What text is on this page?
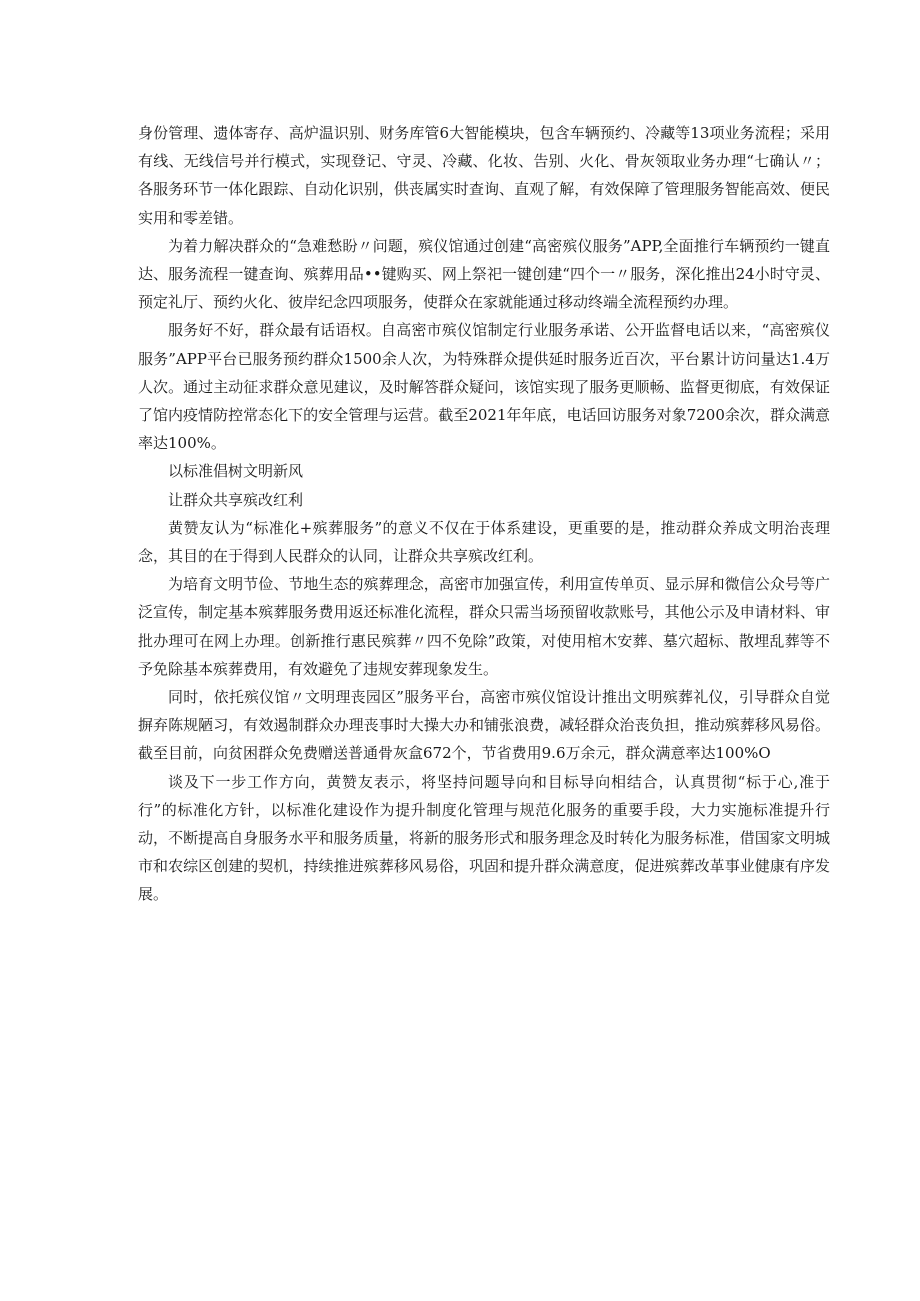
身份管理、遗体寄存、高炉温识别、财务库管6大智能模块，包含车辆预约、冷藏等13项业务流程；采用有线、无线信号并行模式，实现登记、守灵、冷藏、化妆、告别、火化、骨灰领取业务办理“七确认〃；各服务环节一体化跟踪、自动化识别，供丧属实时查询、直观了解，有效保障了管理服务智能高效、便民实用和零差错。

为着力解决群众的“急难愁盼〃问题，殡仪馆通过创建“高密殡仪服务”APP,全面推行车辆预约一键直达、服务流程一键查询、殡葬用品••键购买、网上祭祀一键创建“四个一〃服务，深化推出24小时守灵、预定礼厅、预约火化、彼岸纪念四项服务，使群众在家就能通过移动终端全流程预约办理。

服务好不好，群众最有话语权。自高密市殡仪馆制定行业服务承诺、公开监督电话以来，“高密殡仪服务”APP平台已服务预约群众1500余人次，为特殊群众提供延时服务近百次，平台累计访问量达1.4万人次。通过主动征求群众意见建议，及时解答群众疑问，该馆实现了服务更顺畅、监督更彻底，有效保证了馆内疫情防控常态化下的安全管理与运营。截至2021年年底，电话回访服务对象7200余次，群众满意率达100%。

以标准倡树文明新风

让群众共享殡改红利

黄赞友认为“标准化+殡葬服务”的意义不仅在于体系建设，更重要的是，推动群众养成文明治丧理念，其目的在于得到人民群众的认同，让群众共享殡改红利。

为培育文明节俭、节地生态的殡葬理念，高密市加强宣传，利用宣传单页、显示屏和微信公众号等广泛宣传，制定基本殡葬服务费用返还标准化流程，群众只需当场预留收款账号，其他公示及申请材料、审批办理可在网上办理。创新推行惠民殡葬〃四不免除”政策，对使用棺木安葬、墓穴超标、散埋乱葬等不予免除基本殡葬费用，有效避免了违规安葬现象发生。

同时，依托殡仪馆〃文明理丧园区”服务平台，高密市殡仪馆设计推出文明殡葬礼仪，引导群众自觉摒弃陈规陋习，有效遏制群众办理丧事时大操大办和铺张浪费，减轻群众治丧负担，推动殡葬移风易俗。截至目前，向贫困群众免费赠送普通骨灰盒672个，节省费用9.6万余元，群众满意率达100%O

谈及下一步工作方向，黄赞友表示，将坚持问题导向和目标导向相结合，认真贯彻“标于心,准于行”的标准化方针，以标准化建设作为提升制度化管理与规范化服务的重要手段，大力实施标准提升行动，不断提高自身服务水平和服务质量，将新的服务形式和服务理念及时转化为服务标准，借国家文明城市和农综区创建的契机，持续推进殡葬移风易俗，巩固和提升群众满意度，促进殡葬改革事业健康有序发展。
